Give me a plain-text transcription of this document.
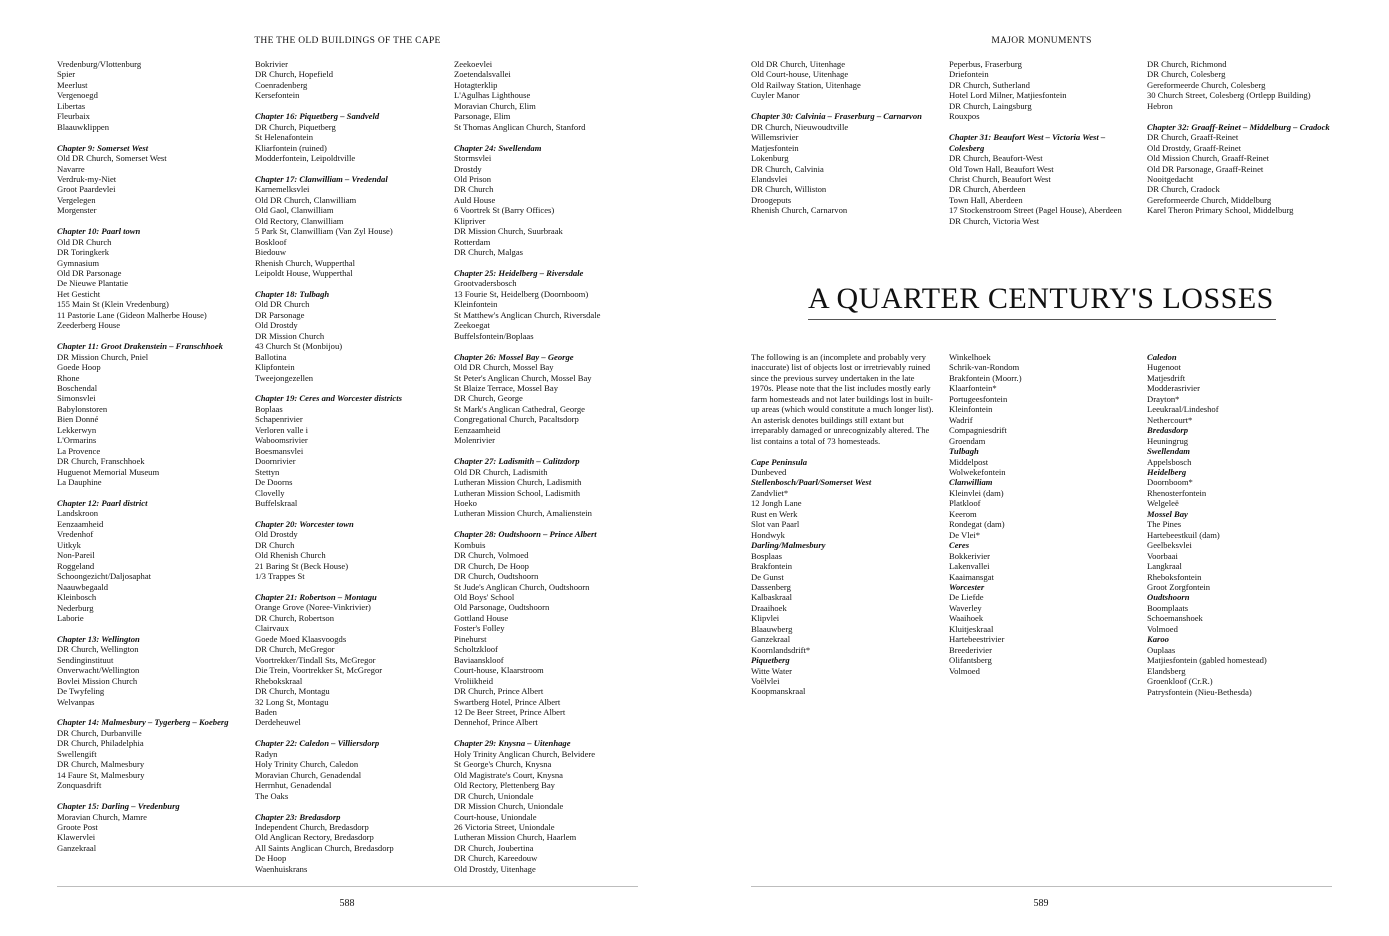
THE THE OLD BUILDINGS OF THE CAPE
Vredenburg/Vlottenburg
Spier
Meerlust
Vergenoegd
Libertas
Fleurbaix
Blaauwklippen
Chapter 9: Somerset West
Old DR Church, Somerset West
Navarre
Verdruk-my-Niet
Groot Paardevlei
Vergelegen
Morgenster
Chapter 10: Paarl town
Old DR Church
DR Toringkerk
Gymnasium
Old DR Parsonage
De Nieuwe Plantatie
Het Gesticht
155 Main St (Klein Vredenburg)
11 Pastorie Lane (Gideon Malherbe House)
Zeederberg House
Chapter 11: Groot Drakenstein – Franschhoek
DR Mission Church, Pniel
Goede Hoop
Rhone
Boschendal
Simonsvlei
Babylonstoren
Bien Donné
Lekkerwyn
L'Ormarins
La Provence
DR Church, Franschhoek
Huguenot Memorial Museum
La Dauphine
Chapter 12: Paarl district
Landskroon
Eenzaamheid
Vredenhof
Uitkyk
Non-Pareil
Roggeland
Schoongezicht/Daljosaphat
Naauwbegaald
Kleinbosch
Nederburg
Laborie
Chapter 13: Wellington
DR Church, Wellington
Sendinginstituut
Onverwacht/Wellington
Bovlei Mission Church
De Twyfeling
Welvanpas
Chapter 14: Malmesbury – Tygerberg – Koeberg
DR Church, Durbanville
DR Church, Philadelphia
Swellengift
DR Church, Malmesbury
14 Faure St, Malmesbury
Zonquasdrift
Chapter 15: Darling – Vredenburg
Moravian Church, Mamre
Groote Post
Klawervlei
Ganzekraal
Bokrivier
DR Church, Hopefield
Coenradenberg
Kersefontein
Chapter 16: Piquetberg – Sandveld
DR Church, Piquetberg
St Helenafontein
Kliarfontein (ruined)
Modderfontein, Leipoldtville
Chapter 17: Clanwilliam – Vredendal
Karnemelksvlei
Old DR Church, Clanwilliam
Old Gaol, Clanwilliam
Old Rectory, Clanwilliam
5 Park St, Clanwilliam (Van Zyl House)
Boskloof
Biedouw
Rhenish Church, Wupperthal
Leipoldt House, Wupperthal
Chapter 18: Tulbagh
Old DR Church
DR Parsonage
Old Drostdy
DR Mission Church
43 Church St (Monbijou)
Ballotina
Klipfontein
Tweejongezellen
Chapter 19: Ceres and Worcester districts
Boplaas
Schapenrivier
Verloren valle i
Waboomsrivier
Boesmansvlei
Doornrivier
Stettyn
De Doorns
Clovelly
Buffelskraal
Chapter 20: Worcester town
Old Drostdy
DR Church
Old Rhenish Church
21 Baring St (Beck House)
1/3 Trappes St
Chapter 21: Robertson – Montagu
Orange Grove (Noree-Vinkrivier)
DR Church, Robertson
Clairvaux
Goede Moed Klaasvoogds
DR Church, McGregor
Voortrekker/Tindall Sts, McGregor
Die Trein, Voortrekker St, McGregor
Rhebokskraal
DR Church, Montagu
32 Long St, Montagu
Baden
Derdeheuwel
Chapter 22: Caledon – Villiersdorp
Radyn
Holy Trinity Church, Caledon
Moravian Church, Genadendal
Herrnhut, Genadendal
The Oaks
Chapter 23: Bredasdorp
Independent Church, Bredasdorp
Old Anglican Rectory, Bredasdorp
All Saints Anglican Church, Bredasdorp
De Hoop
Waenhuiskrans
Zeekoevlei
Zoetendalsvallei
Hotagterklip
L'Agulhas Lighthouse
Moravian Church, Elim
Parsonage, Elim
St Thomas Anglican Church, Stanford
Chapter 24: Swellendam
Stormsvlei
Drostdy
Old Prison
DR Church
Auld House
6 Voortrek St (Barry Offices)
Klipriver
DR Mission Church, Suurbraak
Rotterdam
DR Church, Malgas
Chapter 25: Heidelberg – Riversdale
Grootvadersbosch
13 Fourie St, Heidelberg (Doornboom)
Kleinfontein
St Matthew's Anglican Church, Riversdale
Zeekoegat
Buffelsfontein/Boplaas
Chapter 26: Mossel Bay – George
Old DR Church, Mossel Bay
St Peter's Anglican Church, Mossel Bay
St Blaize Terrace, Mossel Bay
DR Church, George
St Mark's Anglican Cathedral, George
Congregational Church, Pacaltsdorp
Eenzaamheid
Molenrivier
Chapter 27: Ladismith – Calitzdorp
Old DR Church, Ladismith
Lutheran Mission Church, Ladismith
Lutheran Mission School, Ladismith
Hoeko
Lutheran Mission Church, Amalienstein
Chapter 28: Oudtshoorn – Prince Albert
Kombuis
DR Church, Volmoed
DR Church, De Hoop
DR Church, Oudtshoorn
St Jude's Anglican Church, Oudtshoorn
Old Boys' School
Old Parsonage, Oudtshoorn
Gottland House
Foster's Folley
Pinehurst
Scholtzkloof
Baviaanskloof
Court-house, Klaarstroom
Vroliikheid
DR Church, Prince Albert
Swartberg Hotel, Prince Albert
12 De Beer Street, Prince Albert
Dennehof, Prince Albert
Chapter 29: Knysna – Uitenhage
Holy Trinity Anglican Church, Belvidere
St George's Church, Knysna
Old Magistrate's Court, Knysna
Old Rectory, Plettenberg Bay
DR Church, Uniondale
DR Mission Church, Uniondale
Court-house, Uniondale
26 Victoria Street, Uniondale
Lutheran Mission Church, Haarlem
DR Church, Joubertina
DR Church, Kareedouw
Old Drostdy, Uitenhage
588
MAJOR MONUMENTS
Old DR Church, Uitenhage
Old Court-house, Uitenhage
Old Railway Station, Uitenhage
Cuyler Manor
Chapter 30: Calvinia – Fraserburg – Carnarvon
DR Church, Nieuwoudtville
Willemsrivier
Matjesfontein
Lokenburg
DR Church, Calvinia
Elandsvlei
DR Church, Williston
Droogeputs
Rhenish Church, Carnarvon
Peperbus, Fraserburg
Driefontein
DR Church, Sutherland
Hotel Lord Milner, Matjiesfontein
DR Church, Laingsburg
Rouxpos
Chapter 31: Beaufort West – Victoria West – Colesberg
DR Church, Beaufort-West
Old Town Hall, Beaufort West
Christ Church, Beaufort West
DR Church, Aberdeen
Town Hall, Aberdeen
17 Stockenstroom Street (Pagel House), Aberdeen
DR Church, Victoria West
DR Church, Richmond
DR Church, Colesberg
Gereformeerde Church, Colesberg
30 Church Street, Colesberg (Ortlepp Building)
Hebron
Chapter 32: Graaff-Reinet – Middelburg – Cradock
DR Church, Graaff-Reinet
Old Drostdy, Graaff-Reinet
Old Mission Church, Graaff-Reinet
Old DR Parsonage, Graaff-Reinet
Nooitgedacht
DR Church, Cradock
Gereformeerde Church, Middelburg
Karel Theron Primary School, Middelburg
A QUARTER CENTURY'S LOSSES
The following is an (incomplete and probably very inaccurate) list of objects lost or irretrievably ruined since the previous survey undertaken in the late 1970s. Please note that the list includes mostly early farm homesteads and not later buildings lost in built-up areas (which would constitute a much longer list). An asterisk denotes buildings still extant but irreparably damaged or unrecognizably altered. The list contains a total of 73 homesteads.
Cape Peninsula
Dunbeved
Stellenbosch/Paarl/Somerset West
Zandvliet*
12 Jongh Lane
Rust en Werk
Slot van Paarl
Hondwyk
Darling/Malmesbury
Bosplaas
Brakfontein
De Gunst
Dassenberg
Kalbaskraal
Draaihoek
Klipvlei
Blaauwberg
Ganzekraal
Koornlandsdrift*
Piquetberg
Witte Water
Voëlvlei
Koopmanskraal
Winkelhoek
Schrik-van-Rondom
Brakfontein (Moorr.)
Klaarfontein*
Portugeesfontein
Kleinfontein
Wadrif
Compagniesdrift
Groendam
Tulbagh
Middelpost
Wolwekefontein
Clanwilliam
Kleinvlei (dam)
Platkloof
Keerom
Rondegat (dam)
De Vlei*
Ceres
Bokkerivier
Lakenvallei
Kaaimansgat
Worcester
De Liefde
Waverley
Waaihoek
Kluitjeskraal
Hartebeestrivier
Breederivier
Olifantsberg
Volmoed
Caledon
Hugenoot
Matjesdrift
Modderasrivier
Drayton*
Leeukraal/Lindeshof
Nethercourt*
Bredasdorp
Heuningrug
Swellendam
Appelsbosch
Heidelberg
Doornboom*
Rhenosterfontein
Welgeleë
Mossel Bay
The Pines
Hartebeestkuil (dam)
Geelbeksvlei
Voorbaai
Langkraal
Rheboksfontein
Groot Zorgfontein
Oudtshoorn
Boomplaats
Schoemanshoek
Volmoed
Karoo
Ouplaas
Matjiesfontein (gabled homestead)
Elandsberg
Groenkloof (Cr.R.)
Patrysfontein (Nieu-Bethesda)
589
